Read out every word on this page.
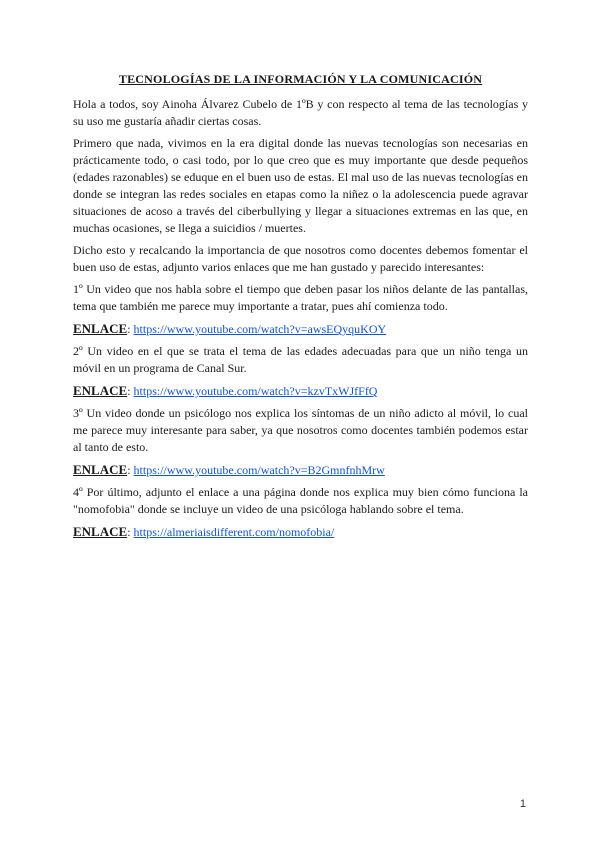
TECNOLOGÍAS DE LA INFORMACIÓN Y LA COMUNICACIÓN

Hola a todos, soy Ainoha Álvarez Cubelo de 1ºB y con respecto al tema de las tecnologías y su uso me gustaría añadir ciertas cosas.

Primero que nada, vivimos en la era digital donde las nuevas tecnologías son necesarias en prácticamente todo, o casi todo, por lo que creo que es muy importante que desde pequeños (edades razonables) se eduque en el buen uso de estas. El mal uso de las nuevas tecnologías en donde se integran las redes sociales en etapas como la niñez o la adolescencia puede agravar situaciones de acoso a través del ciberbullying y llegar a situaciones extremas en las que, en muchas ocasiones, se llega a suicidios / muertes.

Dicho esto y recalcando la importancia de que nosotros como docentes debemos fomentar el buen uso de estas, adjunto varios enlaces que me han gustado y parecido interesantes:

1º Un video que nos habla sobre el tiempo que deben pasar los niños delante de las pantallas, tema que también me parece muy importante a tratar, pues ahí comienza todo.

ENLACE: https://www.youtube.com/watch?v=awsEQyquKOY

2º Un video en el que se trata el tema de las edades adecuadas para que un niño tenga un móvil en un programa de Canal Sur.

ENLACE: https://www.youtube.com/watch?v=kzvTxWJfFfQ

3º Un video donde un psicólogo nos explica los síntomas de un niño adicto al móvil, lo cual me parece muy interesante para saber, ya que nosotros como docentes también podemos estar al tanto de esto.

ENLACE: https://www.youtube.com/watch?v=B2GmnfnhMrw

4º Por último, adjunto el enlace a una página donde nos explica muy bien cómo funciona la "nomofobia" donde se incluye un video de una psicóloga hablando sobre el tema.

ENLACE: https://almeriaisdifferent.com/nomofobia/
1
